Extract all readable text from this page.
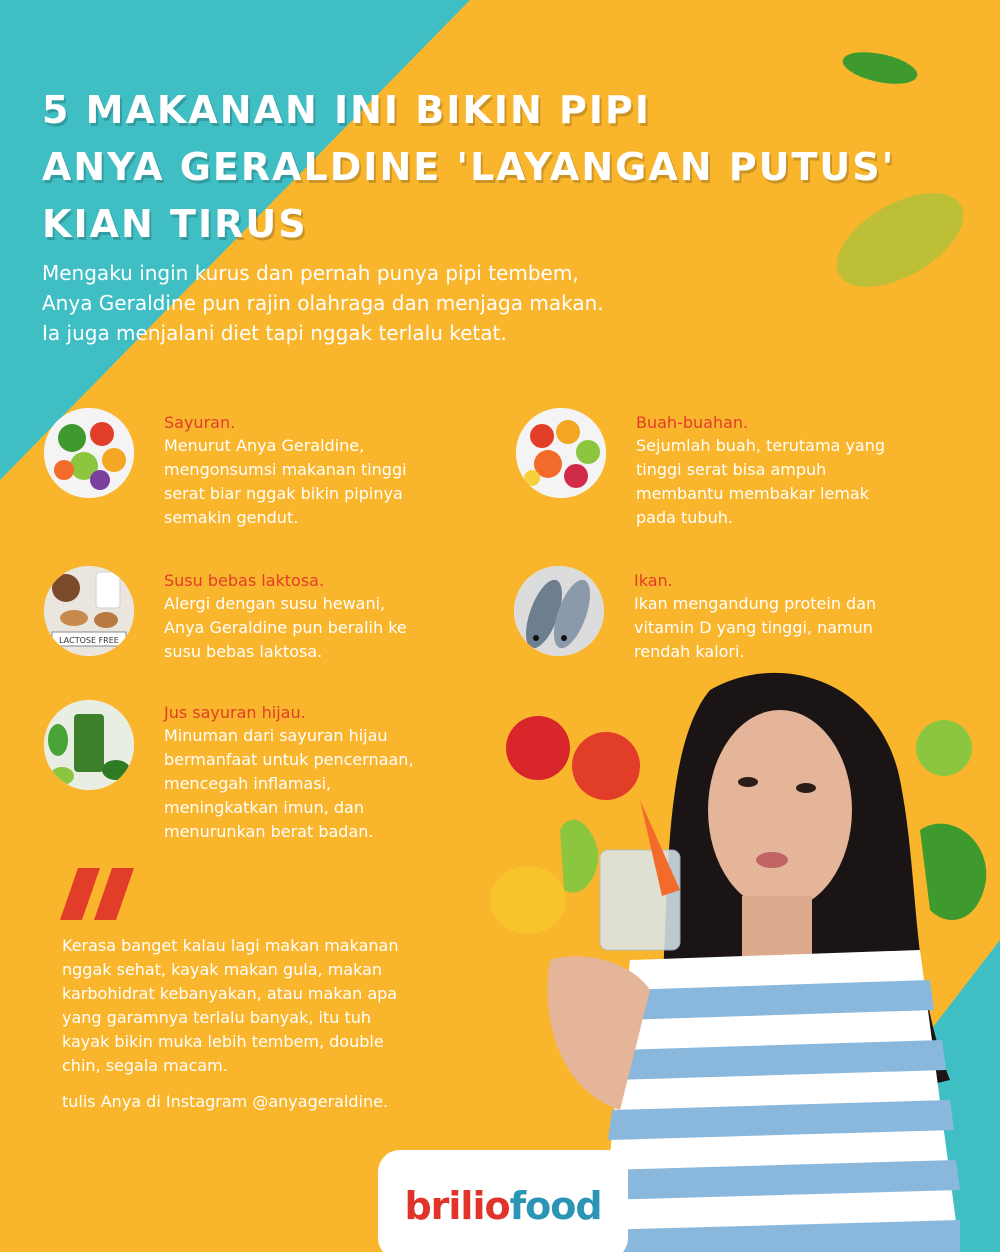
5 MAKANAN INI BIKIN PIPI
ANYA GERALDINE 'LAYANGAN PUTUS'
KIAN TIRUS

Mengaku ingin kurus dan pernah punya pipi tembem,
Anya Geraldine pun rajin olahraga dan menjaga makan.
Ia juga menjalani diet tapi nggak terlalu ketat.

Sayuran.
Menurut Anya Geraldine,
mengonsumsi makanan tinggi
serat biar nggak bikin pipinya
semakin gendut.
Buah-buahan.
Sejumlah buah, terutama yang
tinggi serat bisa ampuh
membantu membakar lemak
pada tubuh.
LACTOSE FREE
Susu bebas laktosa.
Alergi dengan susu hewani,
Anya Geraldine pun beralih ke
susu bebas laktosa.
Ikan.
Ikan mengandung protein dan
vitamin D yang tinggi, namun
rendah kalori.
Jus sayuran hijau.
Minuman dari sayuran hijau
bermanfaat untuk pencernaan,
mencegah inflamasi,
meningkatkan imun, dan
menurunkan berat badan.

Kerasa banget kalau lagi makan makanan
nggak sehat, kayak makan gula, makan
karbohidrat kebanyakan, atau makan apa
yang garamnya terlalu banyak, itu tuh
kayak bikin muka lebih tembem, double
chin, segala macam.

tulis Anya di Instagram @anyageraldine.
briliofood
